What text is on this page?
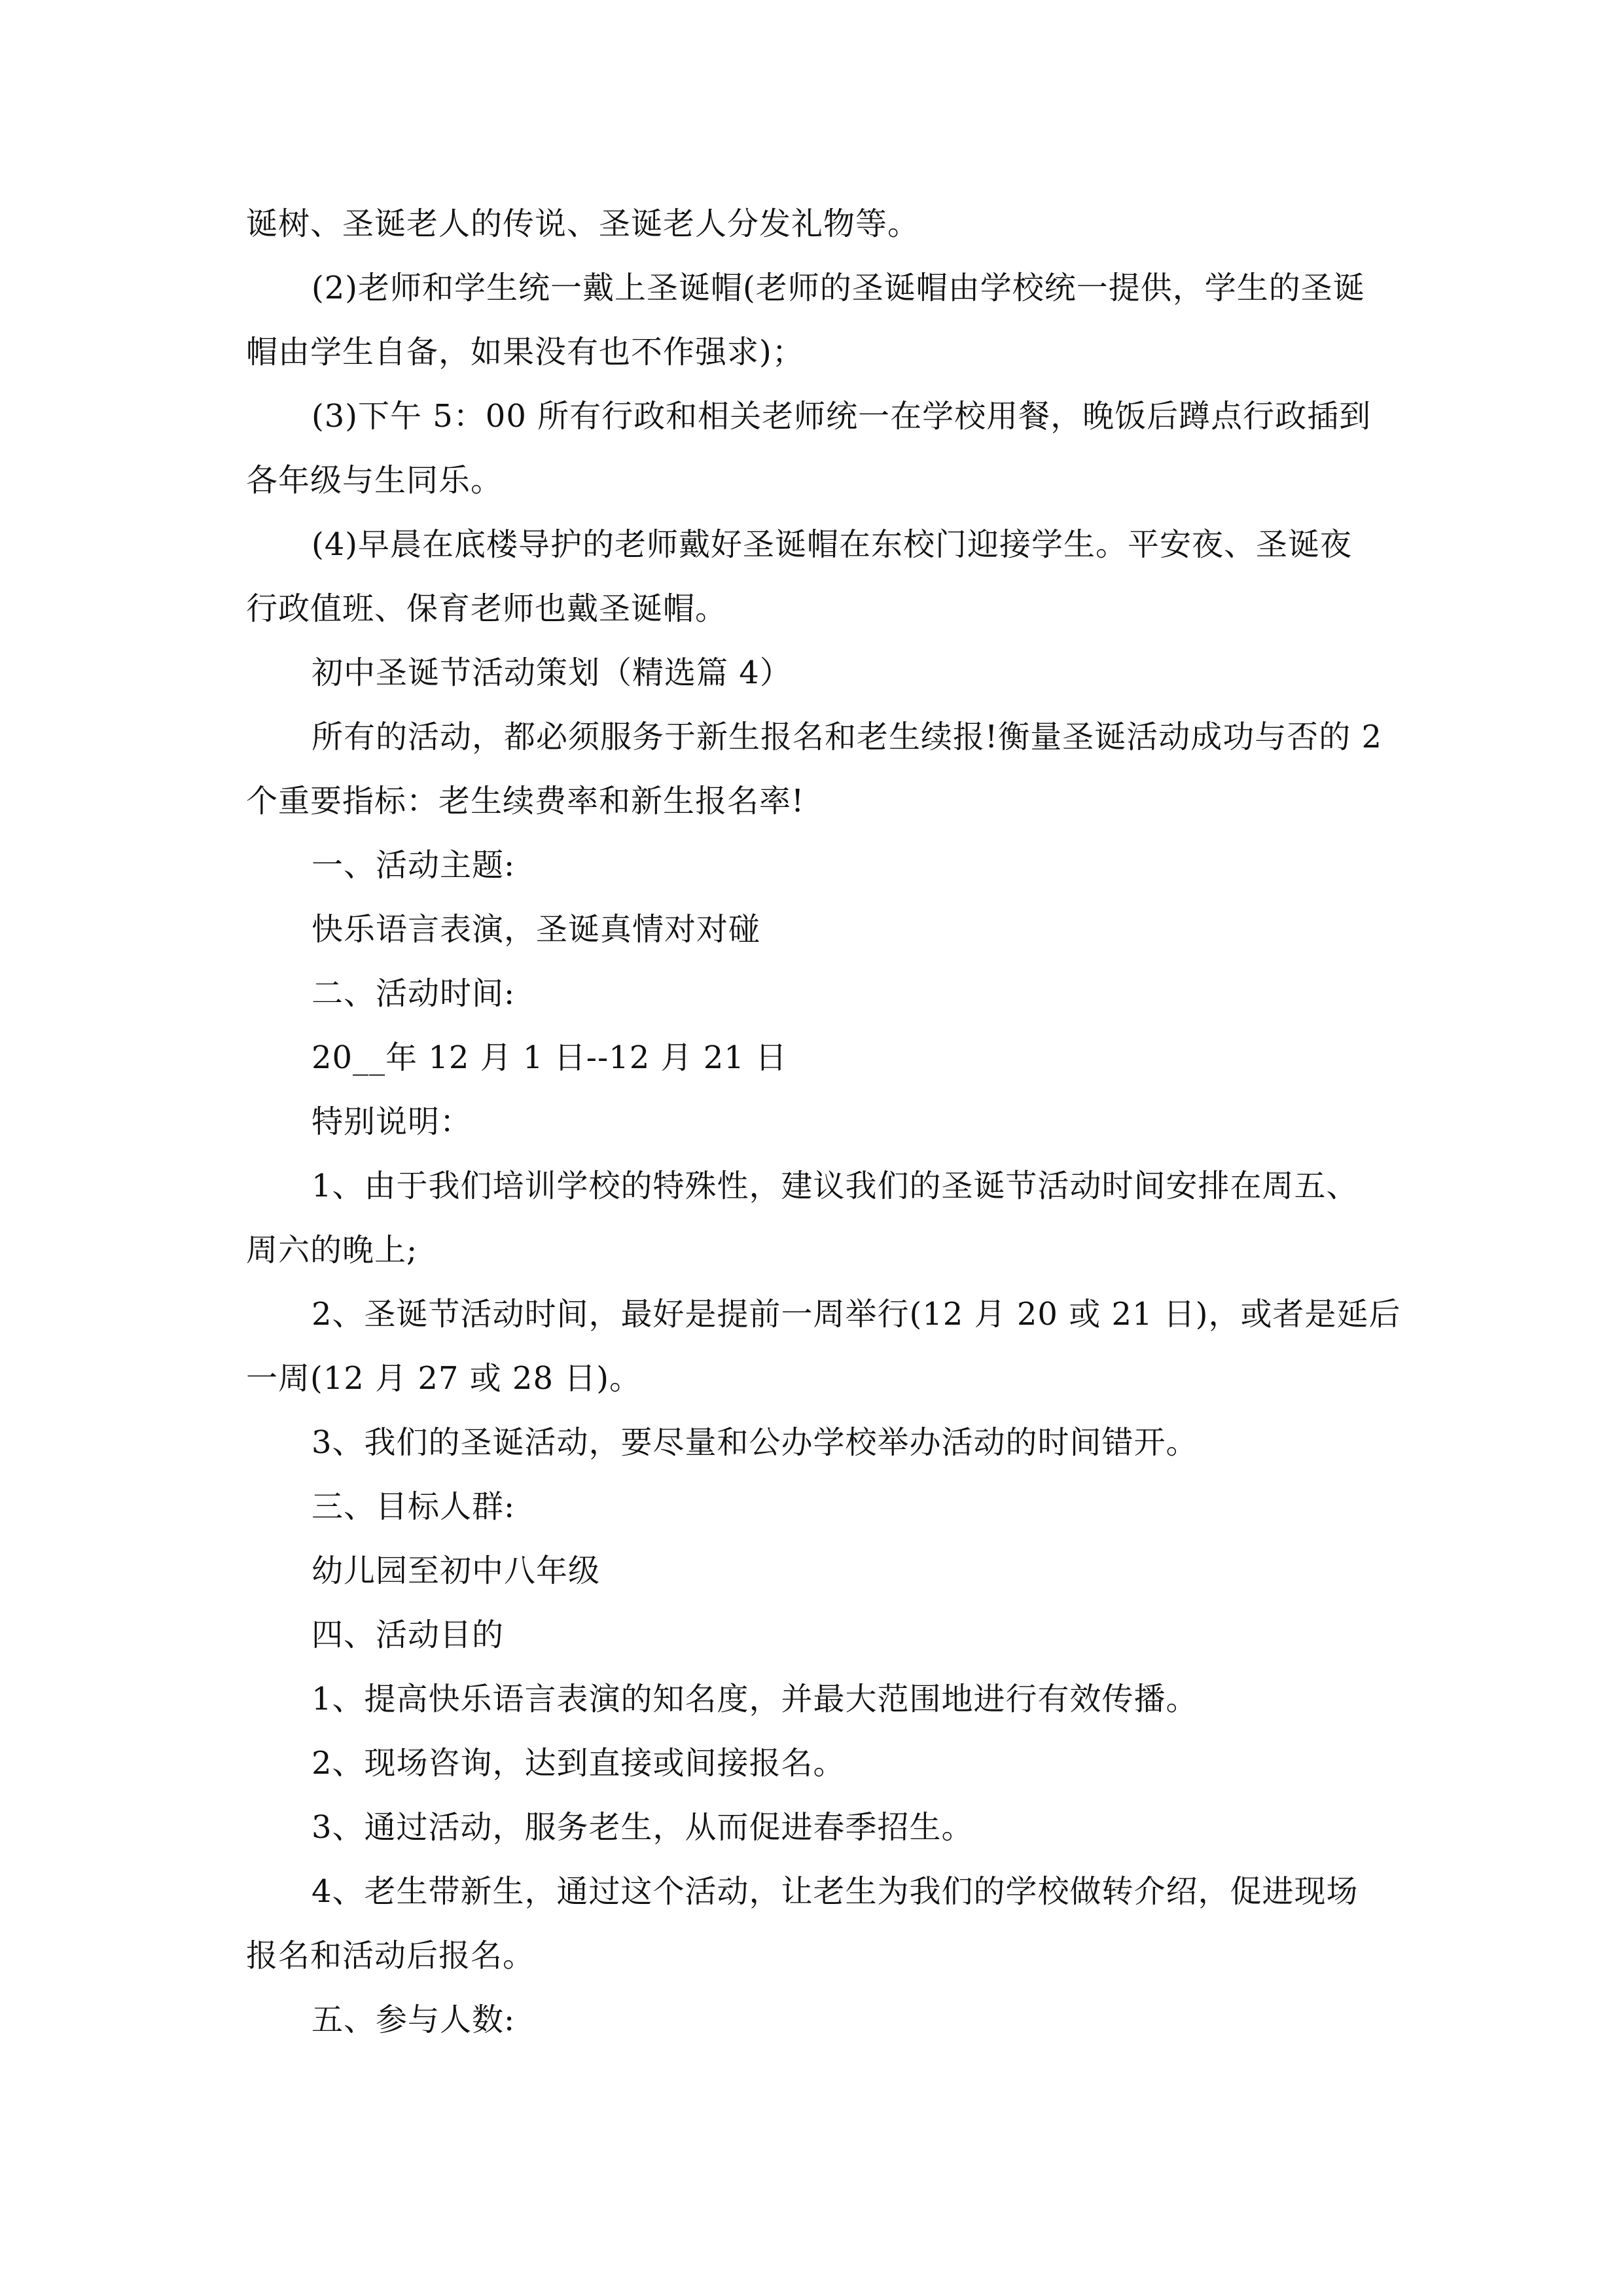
诞树、圣诞老人的传说、圣诞老人分发礼物等。
(2)老师和学生统一戴上圣诞帽(老师的圣诞帽由学校统一提供，学生的圣诞
帽由学生自备，如果没有也不作强求)；
(3)下午 5：00 所有行政和相关老师统一在学校用餐，晚饭后蹲点行政插到
各年级与生同乐。
(4)早晨在底楼导护的老师戴好圣诞帽在东校门迎接学生。平安夜、圣诞夜
行政值班、保育老师也戴圣诞帽。
初中圣诞节活动策划（精选篇 4）
所有的活动，都必须服务于新生报名和老生续报!衡量圣诞活动成功与否的 2
个重要指标：老生续费率和新生报名率!
一、活动主题:
快乐语言表演，圣诞真情对对碰
二、活动时间:
20__年 12 月 1 日--12 月 21 日
特别说明：
1、由于我们培训学校的特殊性，建议我们的圣诞节活动时间安排在周五、
周六的晚上;
2、圣诞节活动时间，最好是提前一周举行(12 月 20 或 21 日)，或者是延后
一周(12 月 27 或 28 日)。
3、我们的圣诞活动，要尽量和公办学校举办活动的时间错开。
三、目标人群:
幼儿园至初中八年级
四、活动目的
1、提高快乐语言表演的知名度，并最大范围地进行有效传播。
2、现场咨询，达到直接或间接报名。
3、通过活动，服务老生，从而促进春季招生。
4、老生带新生，通过这个活动，让老生为我们的学校做转介绍，促进现场
报名和活动后报名。
五、参与人数:
